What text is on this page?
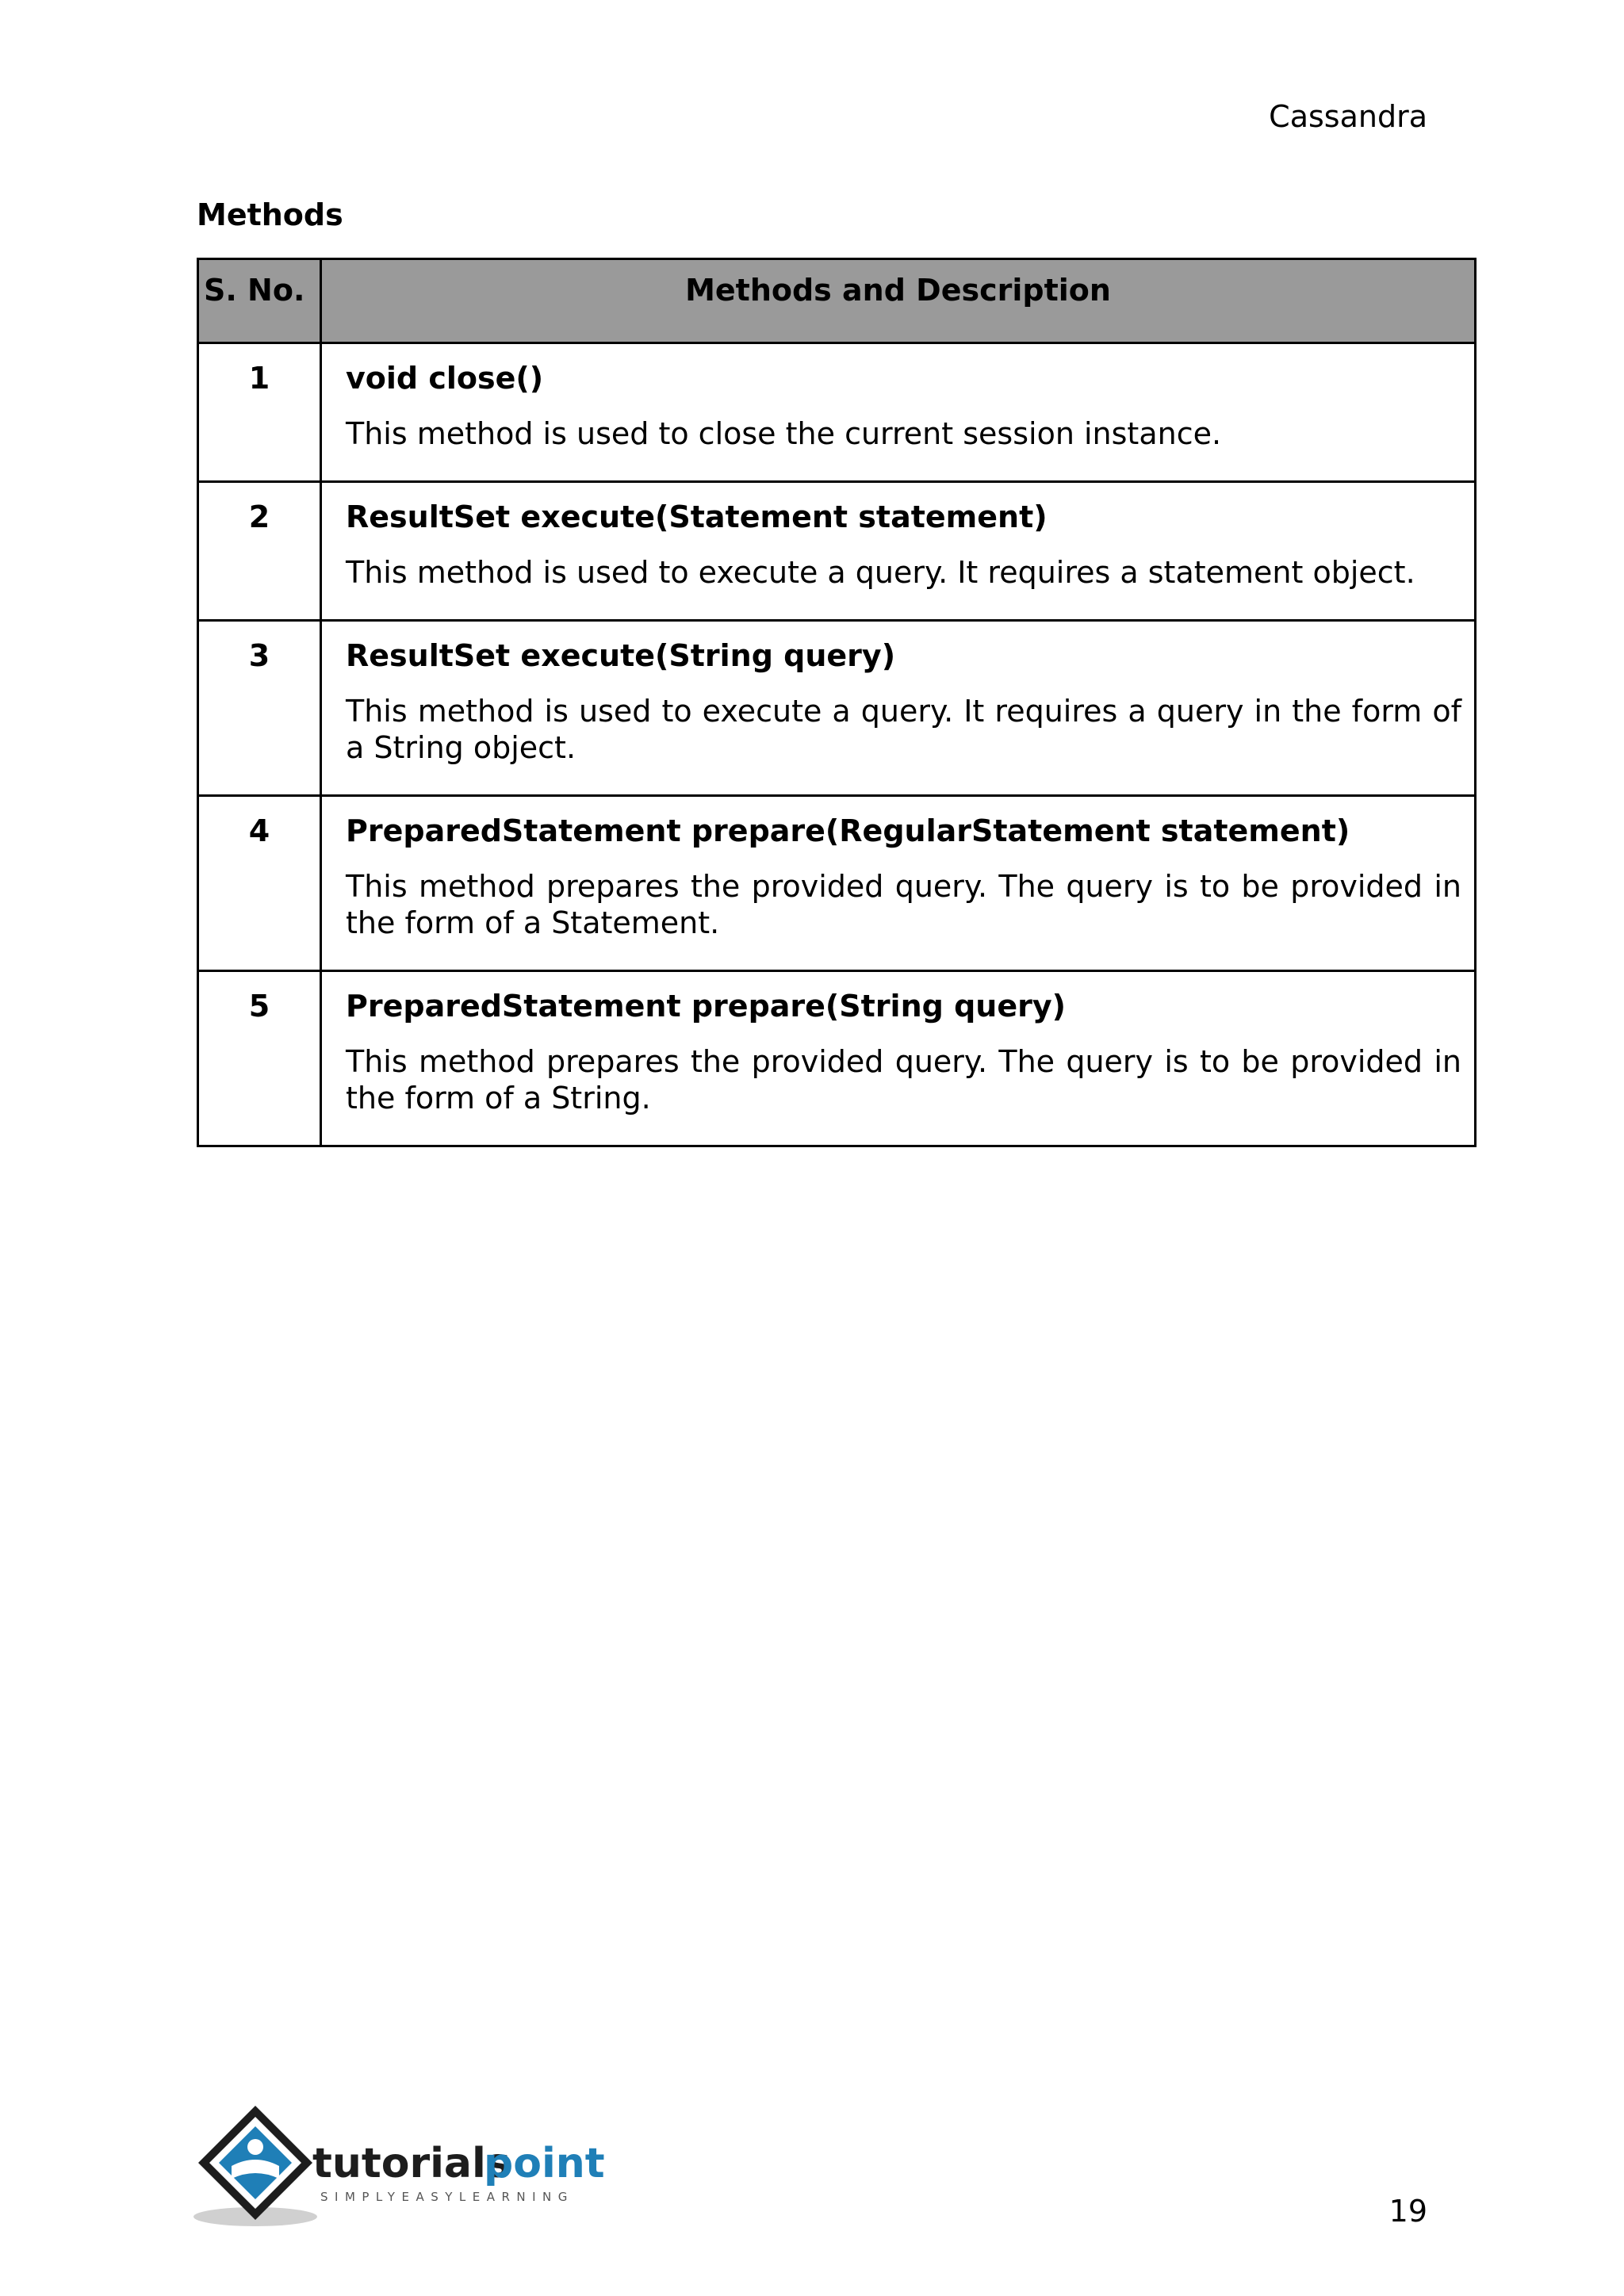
Cassandra
Methods
S. No.	Methods and Description
1	void close()
This method is used to close the current session instance.

2	ResultSet execute(Statement statement)
This method is used to execute a query. It requires a statement object.

3	ResultSet execute(String query)
This method is used to execute a query. It requires a query in the form of a String object.

4	PreparedStatement prepare(RegularStatement statement)
This method prepares the provided query. The query is to be provided in the form of a Statement.

5	PreparedStatement prepare(String query)
This method prepares the provided query. The query is to be provided in the form of a String.
tutorials
point
SIMPLYEASYLEARNING	19
